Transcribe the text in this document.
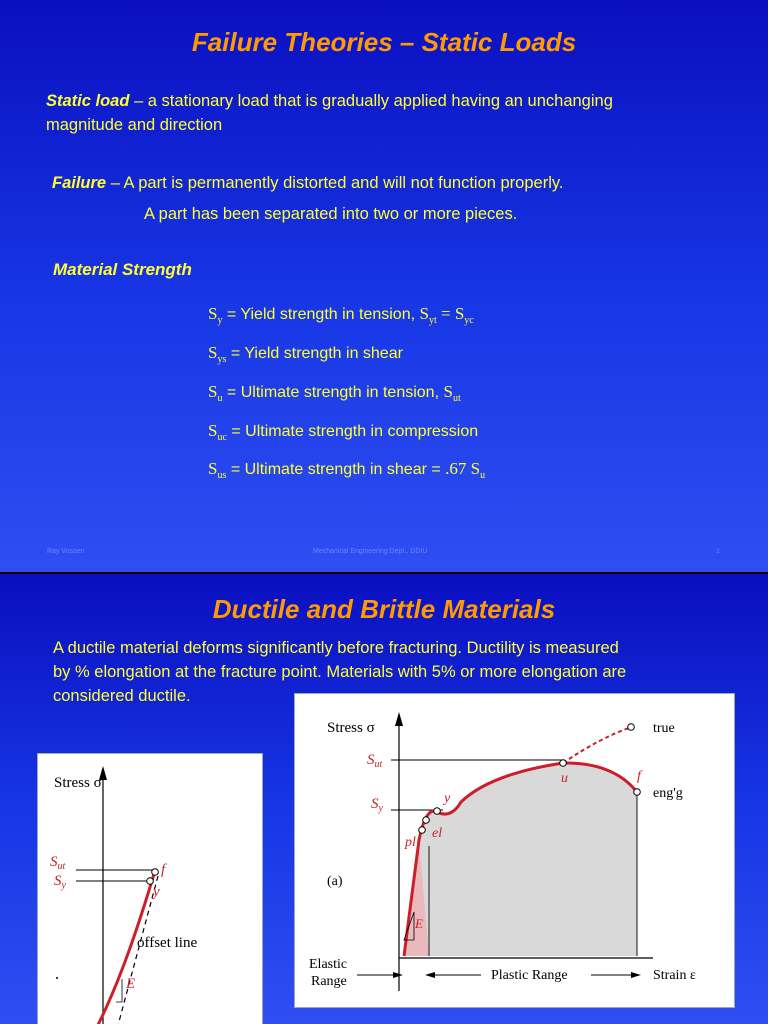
Failure Theories – Static Loads
Static load – a stationary load that is gradually applied having an unchanging
magnitude and direction
Failure – A part is permanently distorted and will not function properly.
A part has been separated into two or more pieces.
Material Strength
$S_y$ = Yield strength in tension, $S_{yt} = S_{yc}$
$S_{ys}$ = Yield strength in shear
$S_u$ = Ultimate strength in tension, $S_{ut}$
$S_{uc}$ = Ultimate strength in compression
$S_{us}$ = Ultimate strength in shear = .67 $S_u$
Ray Vossen	Mechanical Engineering Dept., DDIU	1
Ductile and Brittle Materials
A ductile material deforms significantly before fracturing. Ductility is measured
by % elongation at the fracture point. Materials with 5% or more elongation are
considered ductile.
Stress σ
$S_{ut}$
$S_y$
f
y
offset line
E
Stress σ
$S_{ut}$
$S_y$
true
eng'g
u	f
y
el
pl
(a)
E
Elastic
Range	Plastic Range	Strain ε
